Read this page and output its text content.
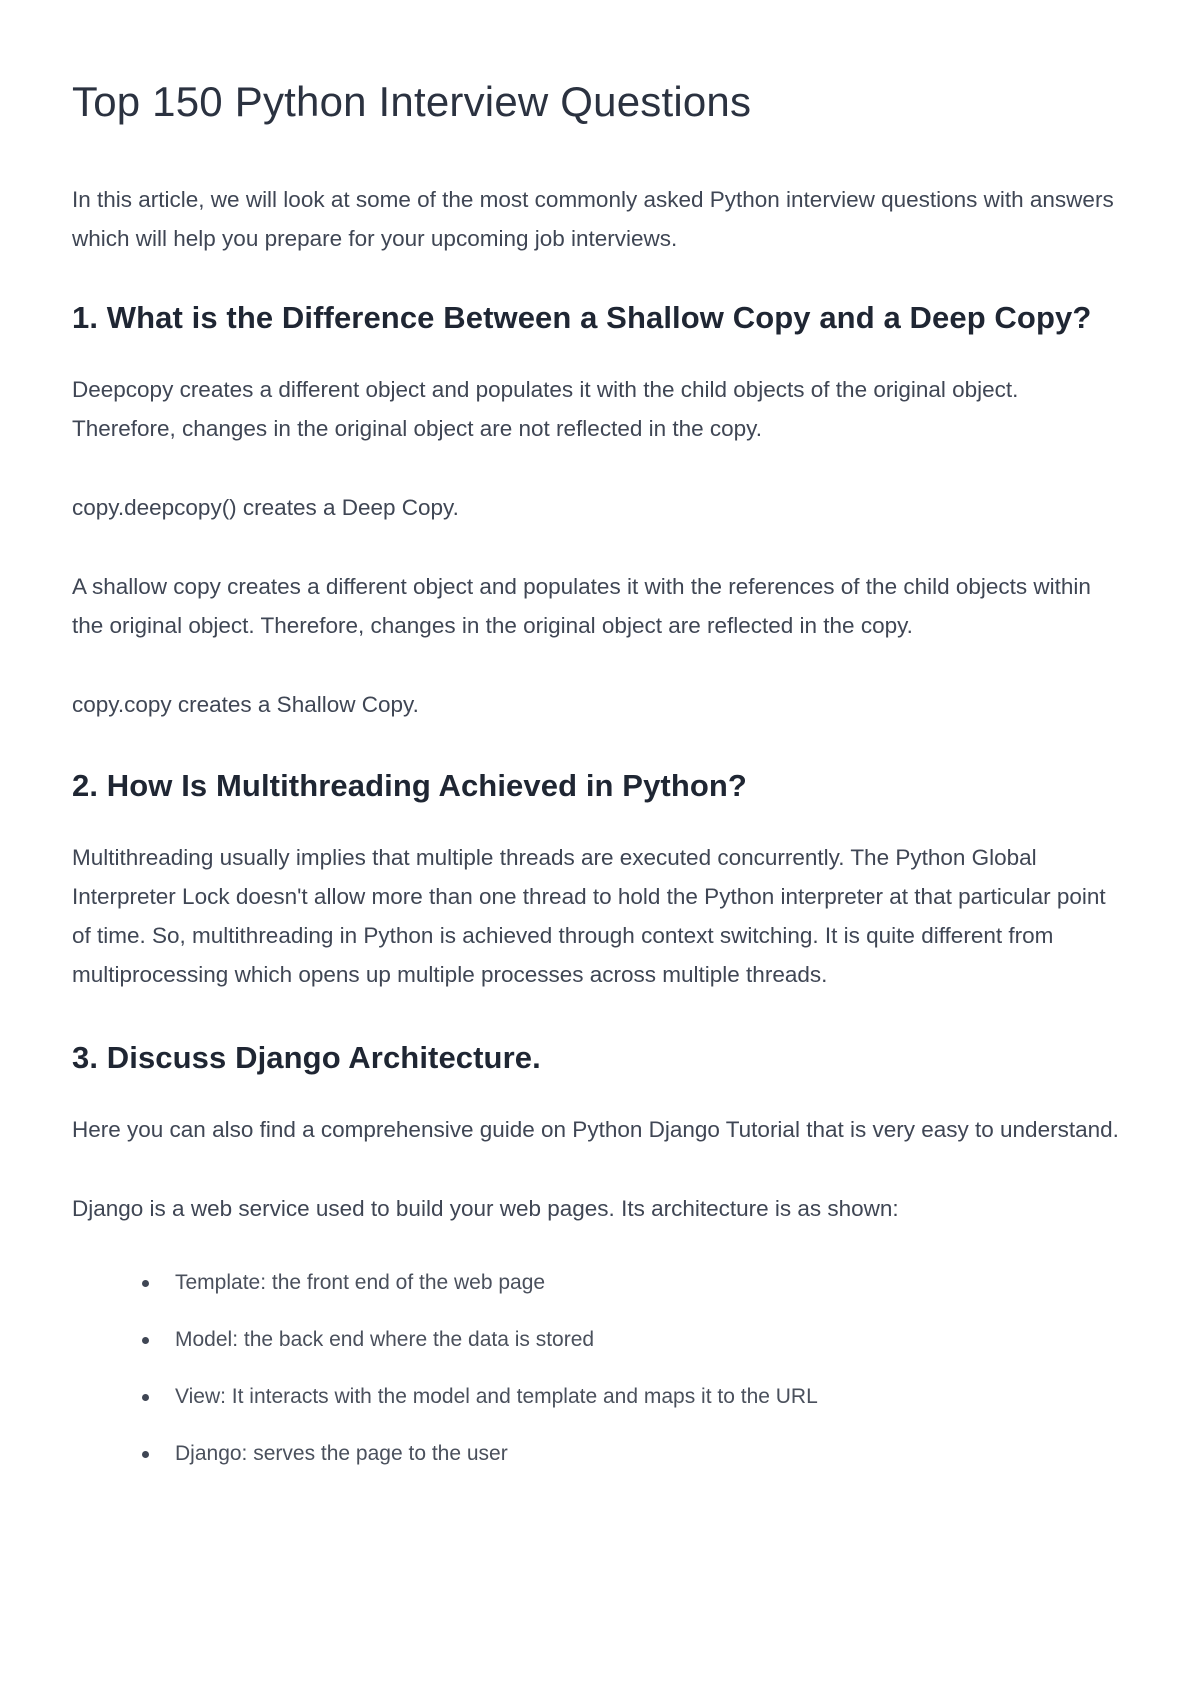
Top 150 Python Interview Questions

In this article, we will look at some of the most commonly asked Python interview questions with answers which will help you prepare for your upcoming job interviews.

1. What is the Difference Between a Shallow Copy and a Deep Copy?

Deepcopy creates a different object and populates it with the child objects of the original object. Therefore, changes in the original object are not reflected in the copy.

copy.deepcopy() creates a Deep Copy.

A shallow copy creates a different object and populates it with the references of the child objects within the original object. Therefore, changes in the original object are reflected in the copy.

copy.copy creates a Shallow Copy.

2. How Is Multithreading Achieved in Python?

Multithreading usually implies that multiple threads are executed concurrently. The Python Global Interpreter Lock doesn't allow more than one thread to hold the Python interpreter at that particular point of time. So, multithreading in Python is achieved through context switching. It is quite different from multiprocessing which opens up multiple processes across multiple threads.

3. Discuss Django Architecture.

Here you can also find a comprehensive guide on Python Django Tutorial that is very easy to understand.

Django is a web service used to build your web pages. Its architecture is as shown:

Template: the front end of the web page
Model: the back end where the data is stored
View: It interacts with the model and template and maps it to the URL
Django: serves the page to the user
